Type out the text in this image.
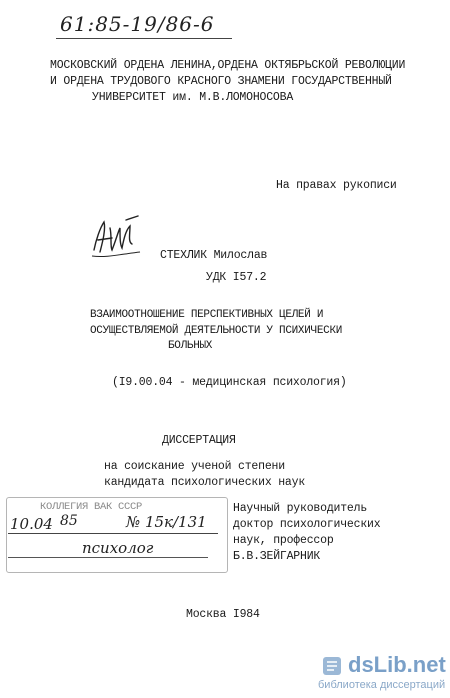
61:85-19/86-6
МОСКОВСКИЙ ОРДЕНА ЛЕНИНА,ОРДЕНА ОКТЯБРЬСКОЙ РЕВОЛЮЦИИ
И ОРДЕНА ТРУДОВОГО КРАСНОГО ЗНАМЕНИ ГОСУДАРСТВЕННЫЙ
УНИВЕРСИТЕТ им. М.В.ЛОМОНОСОВА
На правах рукописи
СТЕХЛИК Милослав
УДК I57.2
ВЗАИМООТНОШЕНИЕ ПЕРСПЕКТИВНЫХ ЦЕЛЕЙ И
ОСУЩЕСТВЛЯЕМОЙ ДЕЯТЕЛЬНОСТИ У ПСИХИЧЕСКИ
БОЛЬНЫХ
(I9.00.04 - медицинская психология)
ДИССЕРТАЦИЯ
на соискание ученой степени
кандидата психологических наук
Научный руководитель
доктор психологических
наук, профессор
Б.В.ЗЕЙГАРНИК
КОЛЛЕГИЯ ВАК СССР
10.04 85	№ 15к/131
психолог
Москва I984
dsLib.net
библиотека диссертаций
